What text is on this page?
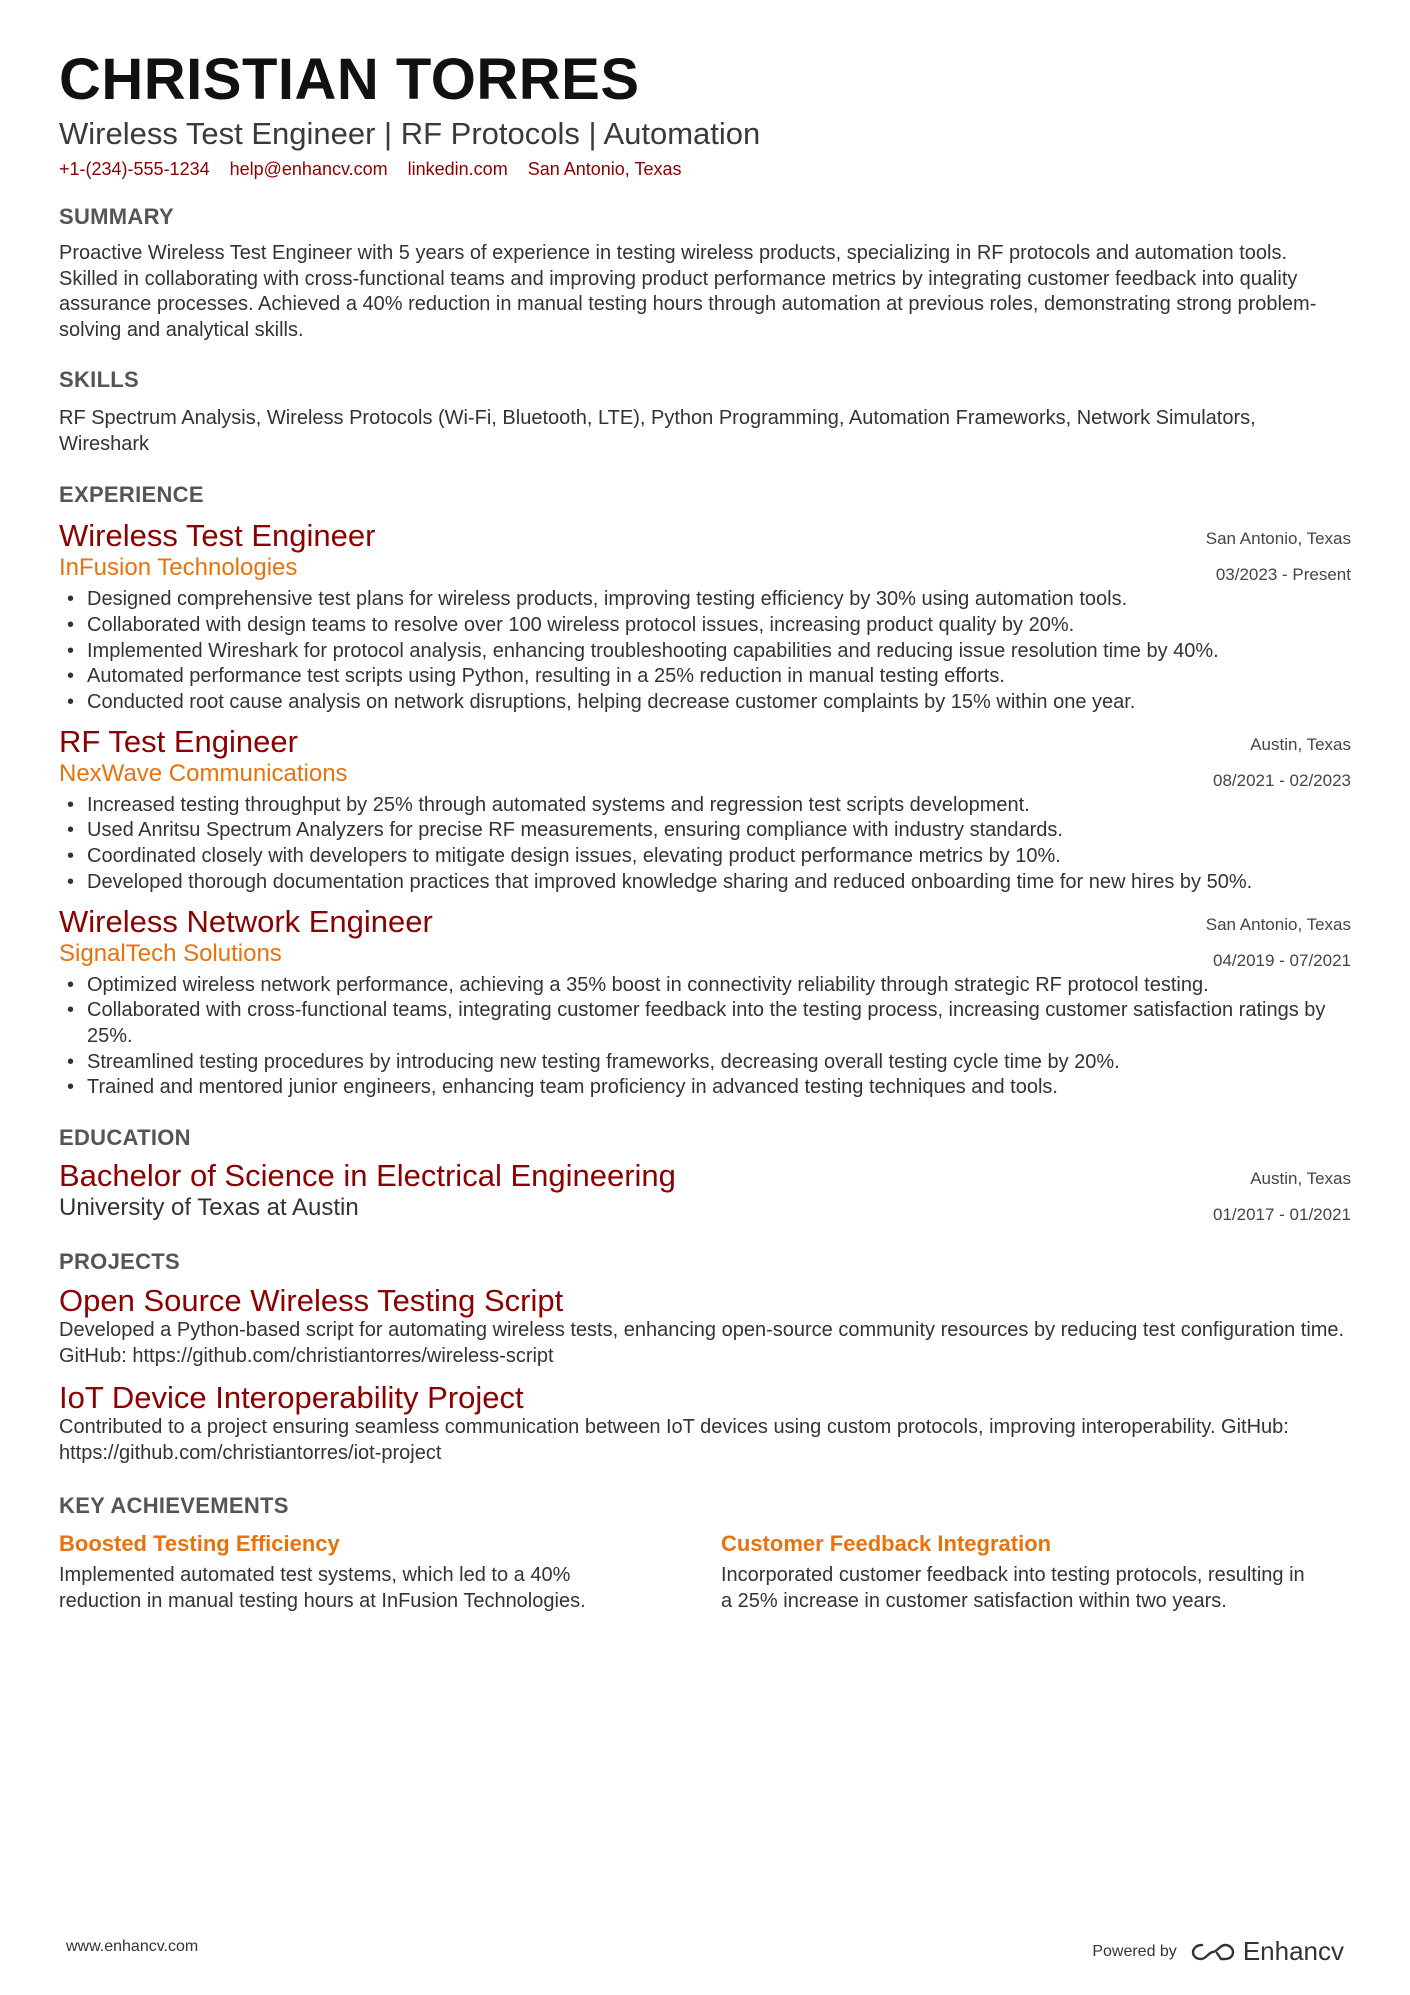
CHRISTIAN TORRES
Wireless Test Engineer | RF Protocols | Automation
+1-(234)-555-1234 help@enhancv.com linkedin.com San Antonio, Texas
SUMMARY
Proactive Wireless Test Engineer with 5 years of experience in testing wireless products, specializing in RF protocols and automation tools. Skilled in collaborating with cross-functional teams and improving product performance metrics by integrating customer feedback into quality assurance processes. Achieved a 40% reduction in manual testing hours through automation at previous roles, demonstrating strong problem-solving and analytical skills.
SKILLS
RF Spectrum Analysis, Wireless Protocols (Wi-Fi, Bluetooth, LTE), Python Programming, Automation Frameworks, Network Simulators, Wireshark
EXPERIENCE
Wireless Test Engineer
InFusion Technologies
San Antonio, Texas
03/2023 - Present
• Designed comprehensive test plans for wireless products, improving testing efficiency by 30% using automation tools.
• Collaborated with design teams to resolve over 100 wireless protocol issues, increasing product quality by 20%.
• Implemented Wireshark for protocol analysis, enhancing troubleshooting capabilities and reducing issue resolution time by 40%.
• Automated performance test scripts using Python, resulting in a 25% reduction in manual testing efforts.
• Conducted root cause analysis on network disruptions, helping decrease customer complaints by 15% within one year.
RF Test Engineer
NexWave Communications
Austin, Texas
08/2021 - 02/2023
• Increased testing throughput by 25% through automated systems and regression test scripts development.
• Used Anritsu Spectrum Analyzers for precise RF measurements, ensuring compliance with industry standards.
• Coordinated closely with developers to mitigate design issues, elevating product performance metrics by 10%.
• Developed thorough documentation practices that improved knowledge sharing and reduced onboarding time for new hires by 50%.
Wireless Network Engineer
SignalTech Solutions
San Antonio, Texas
04/2019 - 07/2021
• Optimized wireless network performance, achieving a 35% boost in connectivity reliability through strategic RF protocol testing.
• Collaborated with cross-functional teams, integrating customer feedback into the testing process, increasing customer satisfaction ratings by 25%.
• Streamlined testing procedures by introducing new testing frameworks, decreasing overall testing cycle time by 20%.
• Trained and mentored junior engineers, enhancing team proficiency in advanced testing techniques and tools.
EDUCATION
Bachelor of Science in Electrical Engineering
University of Texas at Austin
Austin, Texas
01/2017 - 01/2021
PROJECTS
Open Source Wireless Testing Script
Developed a Python-based script for automating wireless tests, enhancing open-source community resources by reducing test configuration time. GitHub: https://github.com/christiantorres/wireless-script
IoT Device Interoperability Project
Contributed to a project ensuring seamless communication between IoT devices using custom protocols, improving interoperability. GitHub: https://github.com/christiantorres/iot-project
KEY ACHIEVEMENTS
Boosted Testing Efficiency
Implemented automated test systems, which led to a 40% reduction in manual testing hours at InFusion Technologies.
Customer Feedback Integration
Incorporated customer feedback into testing protocols, resulting in a 25% increase in customer satisfaction within two years.
www.enhancv.com	Powered by	Enhancv
